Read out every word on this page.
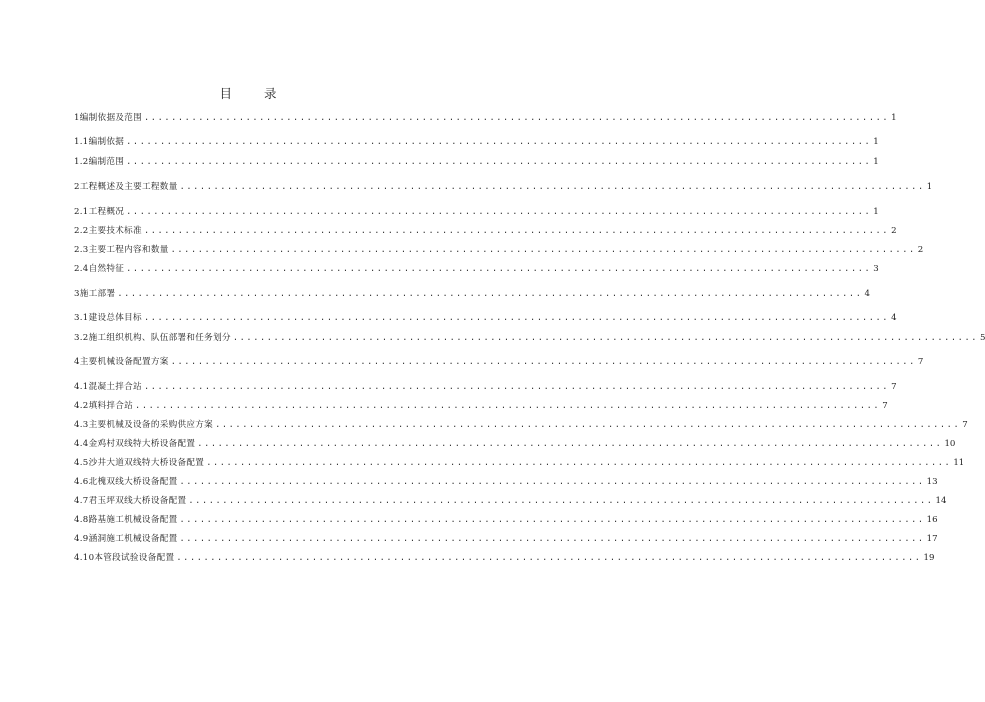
目 录
1编制依据及范围 .............................................................................................................. 1
1.1编制依据 .............................................................................................................. 1
1.2编制范围 .............................................................................................................. 1
2工程概述及主要工程数量 .............................................................................................................. 1
2.1工程概况 .............................................................................................................. 1
2.2主要技术标准 .............................................................................................................. 2
2.3主要工程内容和数量 .............................................................................................................. 2
2.4自然特征 .............................................................................................................. 3
3施工部署 .............................................................................................................. 4
3.1建设总体目标 .............................................................................................................. 4
3.2施工组织机构、队伍部署和任务划分 .............................................................................................................. 5
4主要机械设备配置方案 .............................................................................................................. 7
4.1混凝土拌合站 .............................................................................................................. 7
4.2填料拌合站 .............................................................................................................. 7
4.3主要机械及设备的采购供应方案 .............................................................................................................. 7
4.4金鸡村双线特大桥设备配置 .............................................................................................................. 10
4.5沙井大道双线特大桥设备配置 .............................................................................................................. 11
4.6北槐双线大桥设备配置 .............................................................................................................. 13
4.7君玉坪双线大桥设备配置 .............................................................................................................. 14
4.8路基施工机械设备配置 .............................................................................................................. 16
4.9涵洞施工机械设备配置 .............................................................................................................. 17
4.10本管段试验设备配置 .............................................................................................................. 19
